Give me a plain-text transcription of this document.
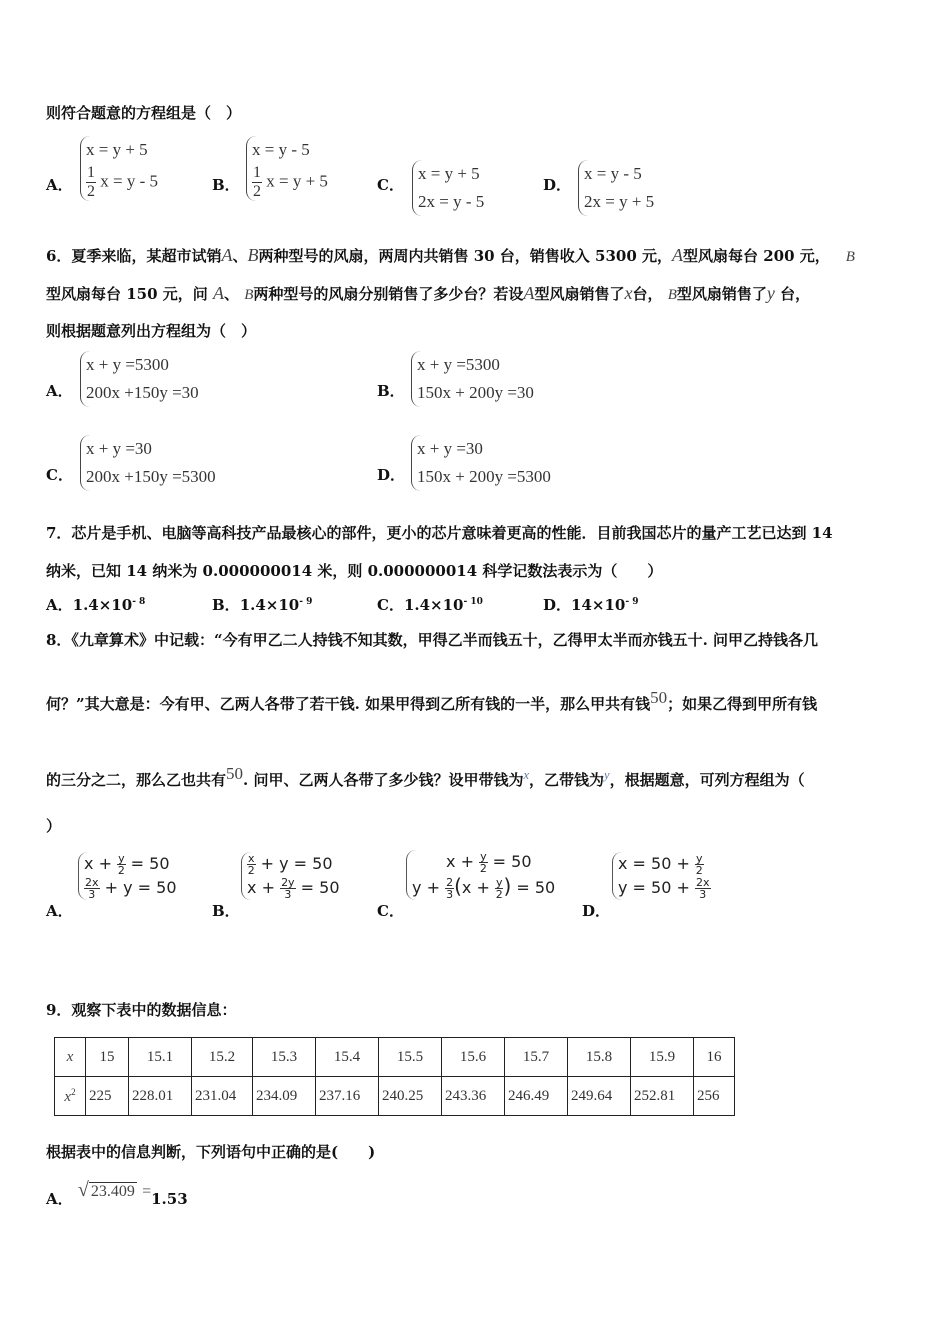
则符合题意的方程组是（　）
A．
x = y + 5
$\frac{1}{2}$ x = y - 5	B．
x = y - 5
$\frac{1}{2}$ x = y + 5	C．
x = y + 5
2x = y - 5
D．
x = y - 5
2x = y + 5
6．夏季来临，某超市试销A、B两种型号的风扇，两周内共销售 30 台，销售收入 5300 元，A型风扇每台 200 元， B
型风扇每台 150 元，问 A、 B两种型号的风扇分别销售了多少台？若设A型风扇销售了x台， B型风扇销售了y 台，
则根据题意列出方程组为（　）
A．
x + y =5300
200x +150y =30	B．
x + y =5300
150x + 200y =30
C．
x + y =30
200x +150y =5300	D．
x + y =30
150x + 200y =5300
7．芯片是手机、电脑等高科技产品最核心的部件，更小的芯片意味着更高的性能．目前我国芯片的量产工艺已达到 14
纳米，已知 14 纳米为 0.000000014 米，则 0.000000014 科学记数法表示为（　　）
A．$1.4\times 10^{- 8}$	B．$1.4\times 10^{- 9}$	C．$1.4\times 10^{- 10}$	D．$14\times 10^{- 9}$
8．《九章算术》中记载：“今有甲乙二人持钱不知其数，甲得乙半而钱五十，乙得甲太半而亦钱五十. 问甲乙持钱各几
何？”其大意是：今有甲、乙两人各带了若干钱. 如果甲得到乙所有钱的一半，那么甲共有钱$^{50}$；如果乙得到甲所有钱
的三分之二，那么乙也共有$^{50}$. 问甲、乙两人各带了多少钱？设甲带钱为$^x$，乙带钱为$^y$，根据题意，可列方程组为（
）
A．
$x + \frac{y}{2} = 50$
$\frac{2x}{3} + y = 50$
B．
$\frac{x}{2} + y = 50$
$x + \frac{2y}{3} = 50$
C．
$x + \frac{y}{2} = 50$
$y + \frac{2}{3} (x + \frac{y}{2}$ ) = 50
D．
$x = 50 + \frac{y}{2}$
$y = 50 + \frac{2x}{3}$
9．观察下表中的数据信息：
x	15	15.1	15.2	15.3	15.4	15.5	15.6	15.7	15.8	15.9	16
$x^2$	225	228.01	231.04	234.09	237.16	240.25	243.36	246.49	249.64	252.81	256
根据表中的信息判断，下列语句中正确的是(　　)
A． √ 23.409 =1.53
